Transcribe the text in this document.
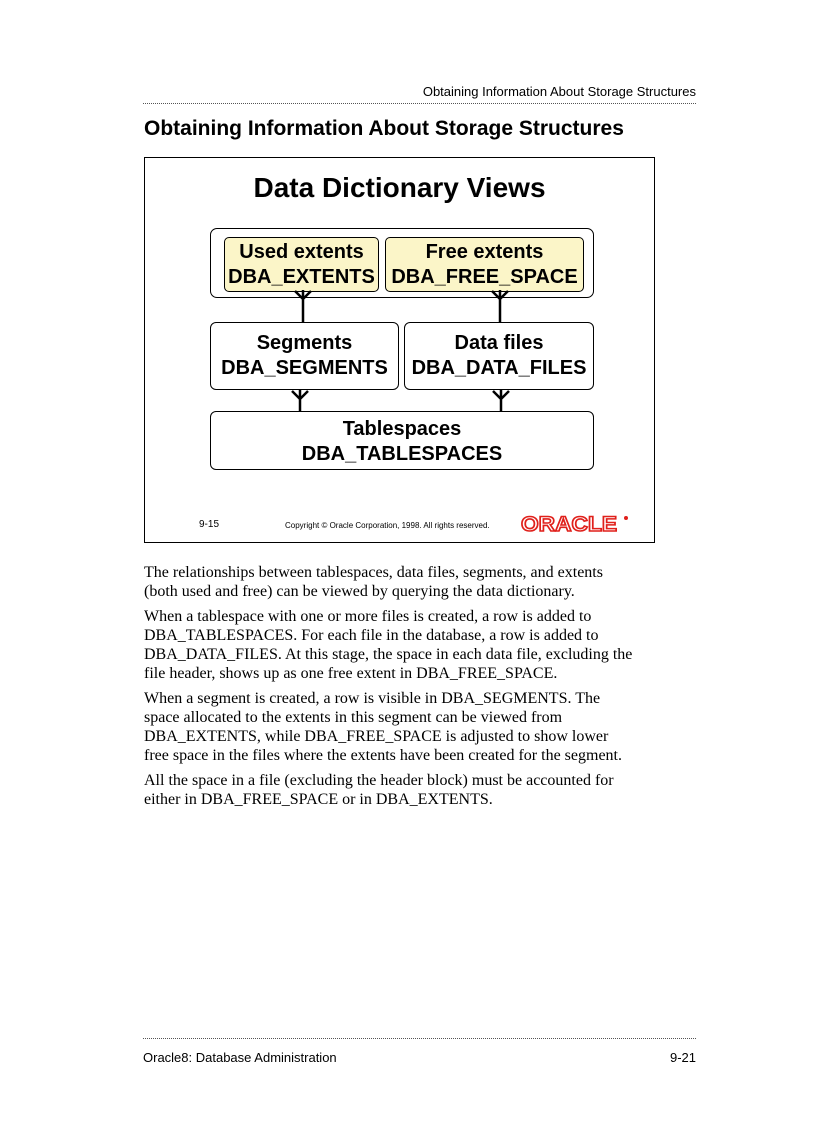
Obtaining Information About Storage Structures
Obtaining Information About Storage Structures
Data Dictionary Views
Used extents
DBA_EXTENTS
Free extents
DBA_FREE_SPACE
Segments
DBA_SEGMENTS
Data files
DBA_DATA_FILES
Tablespaces
DBA_TABLESPACES
9-15	Copyright © Oracle Corporation, 1998. All rights reserved. ORACLE

The relationships between tablespaces, data files, segments, and extents (both used and free) can be viewed by querying the data dictionary.

When a tablespace with one or more files is created, a row is added to DBA_TABLESPACES. For each file in the database, a row is added to DBA_DATA_FILES. At this stage, the space in each data file, excluding the file header, shows up as one free extent in DBA_FREE_SPACE.

When a segment is created, a row is visible in DBA_SEGMENTS. The space allocated to the extents in this segment can be viewed from DBA_EXTENTS, while DBA_FREE_SPACE is adjusted to show lower free space in the files where the extents have been created for the segment.

All the space in a file (excluding the header block) must be accounted for either in DBA_FREE_SPACE or in DBA_EXTENTS.

Oracle8: Database Administration	9-21
